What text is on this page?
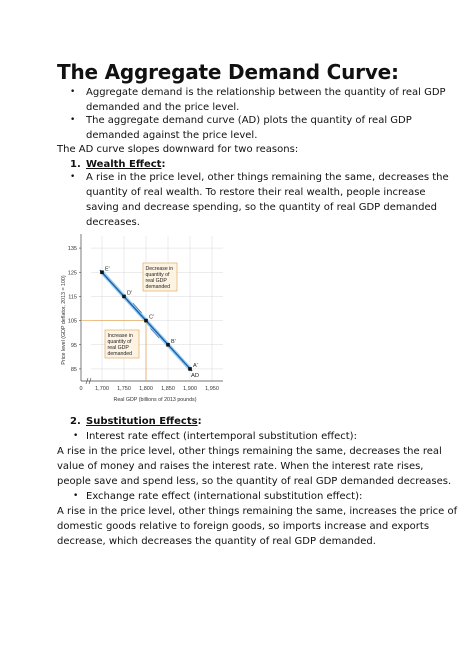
The Aggregate Demand Curve:
• Aggregate demand is the relationship between the quantity of real GDP
demanded and the price level.
• The aggregate demand curve (AD) plots the quantity of real GDP
demanded against the price level.
The AD curve slopes downward for two reasons:
1. Wealth Effect:
• A rise in the price level, other things remaining the same, decreases the
quantity of real wealth. To restore their real wealth, people increase
saving and decrease spending, so the quantity of real GDP demanded
decreases.
Price level (GDP deflator, 2013 = 100)
Real GDP (billions of 2013 pounds)
85
95
105
115
125
135
0 1,700 1,750 1,800 1,850 1,900 1,950
E'
D'
C'
B'
A'
AD
Decrease in
quantity of
real GDP
demanded
Increase in
quantity of
real GDP
demanded
2. Substitution Effects:
• Interest rate effect (intertemporal substitution effect):
A rise in the price level, other things remaining the same, decreases the real
value of money and raises the interest rate. When the interest rate rises,
people save and spend less, so the quantity of real GDP demanded decreases.
• Exchange rate effect (international substitution effect):
A rise in the price level, other things remaining the same, increases the price of
domestic goods relative to foreign goods, so imports increase and exports
decrease, which decreases the quantity of real GDP demanded.
